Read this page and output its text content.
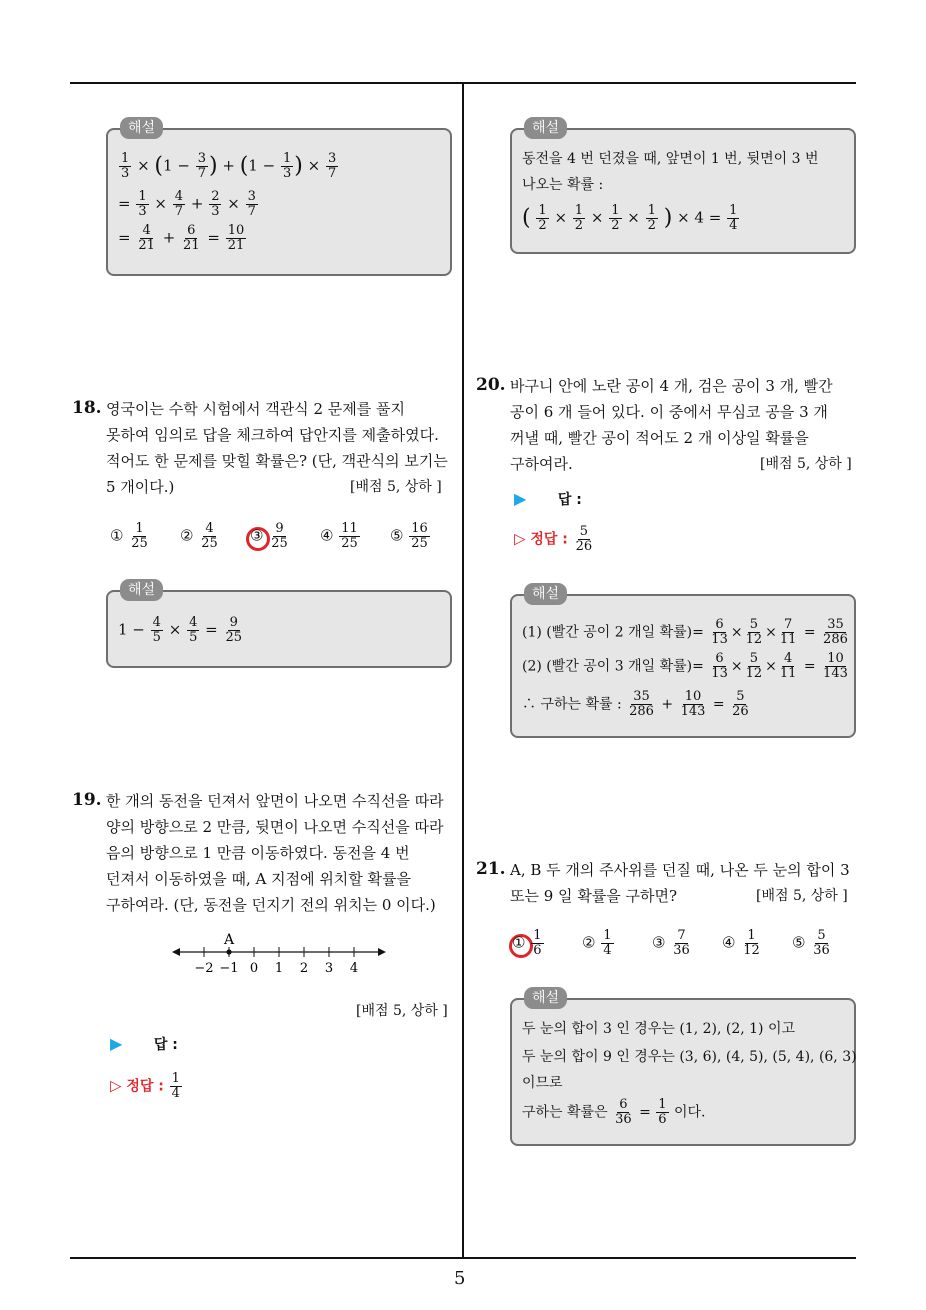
5
해설
$\frac{1}{3} \times (1 - \frac{3}{7}$ ) + ($1 - \frac{1}{3}$ ) × $\frac{3}{7}$
= $\frac{1}{3} \times \frac{4}{7} + \frac{2}{3} \times \frac{3}{7}$
= $\frac{4}{21} + \frac{6}{21} = \frac{10}{21}$
18. 영국이는 수학 시험에서 객관식 2 문제를 풀지
못하여 임의로 답을 체크하여 답안지를 제출하였다.
적어도 한 문제를 맞힐 확률은? (단, 객관식의 보기는
5 개이다.)	[배점 5, 상하 ]
① $\frac{1}{25}$ ② $\frac{4}{25}$ ③ $\frac{9}{25}$ ④ $\frac{11}{25}$ ⑤ $\frac{16}{25}$
해설
$1 - \frac{4}{5} \times \frac{4}{5} = \frac{9}{25}$
19. 한 개의 동전을 던져서 앞면이 나오면 수직선을 따라
양의 방향으로 2 만큼, 뒷면이 나오면 수직선을 따라
음의 방향으로 1 만큼 이동하였다. 동전을 4 번
던져서 이동하였을 때, A 지점에 위치할 확률을
구하여라. (단, 동전을 던지기 전의 위치는 0 이다.)
−2 −1 0 1 2 3 4
A
[배점 5, 상하 ]
▶ 답 :
▷ 정답 : $\frac{1}{4}$
해설
동전을 4 번 던졌을 때, 앞면이 1 번, 뒷면이 3 번
나오는 확률 :
( $\frac{1}{2} \times \frac{1}{2} \times \frac{1}{2} \times \frac{1}{2}$ ) × $4 = \frac{1}{4}$
20. 바구니 안에 노란 공이 4 개, 검은 공이 3 개, 빨간
공이 6 개 들어 있다. 이 중에서 무심코 공을 3 개
꺼낼 때, 빨간 공이 적어도 2 개 이상일 확률을
구하여라.	[배점 5, 상하 ]
▶ 답 :
▷ 정답 : $\frac{5}{26}$
해설
(1) (빨간 공이 2 개일 확률)= $\frac{6}{13} \times \frac{5}{12} \times \frac{7}{11} = \frac{35}{286}$
(2) (빨간 공이 3 개일 확률)= $\frac{6}{13} \times \frac{5}{12} \times \frac{4}{11} = \frac{10}{143}$
∴ 구하는 확률 : $\frac{35}{286} + \frac{10}{143} = \frac{5}{26}$
21. A, B 두 개의 주사위를 던질 때, 나온 두 눈의 합이 3
또는 9 일 확률을 구하면?	[배점 5, 상하 ]
① $\frac{1}{6}$	② $\frac{1}{4}$	③ $\frac{7}{36}$ ④ $\frac{1}{12}$ ⑤ $\frac{5}{36}$
해설
두 눈의 합이 3 인 경우는 (1, 2), (2, 1) 이고
두 눈의 합이 9 인 경우는 (3, 6), (4, 5), (5, 4), (6, 3)
이므로
구하는 확률은 $\frac{6}{36} = \frac{1}{6}$ 이다.
